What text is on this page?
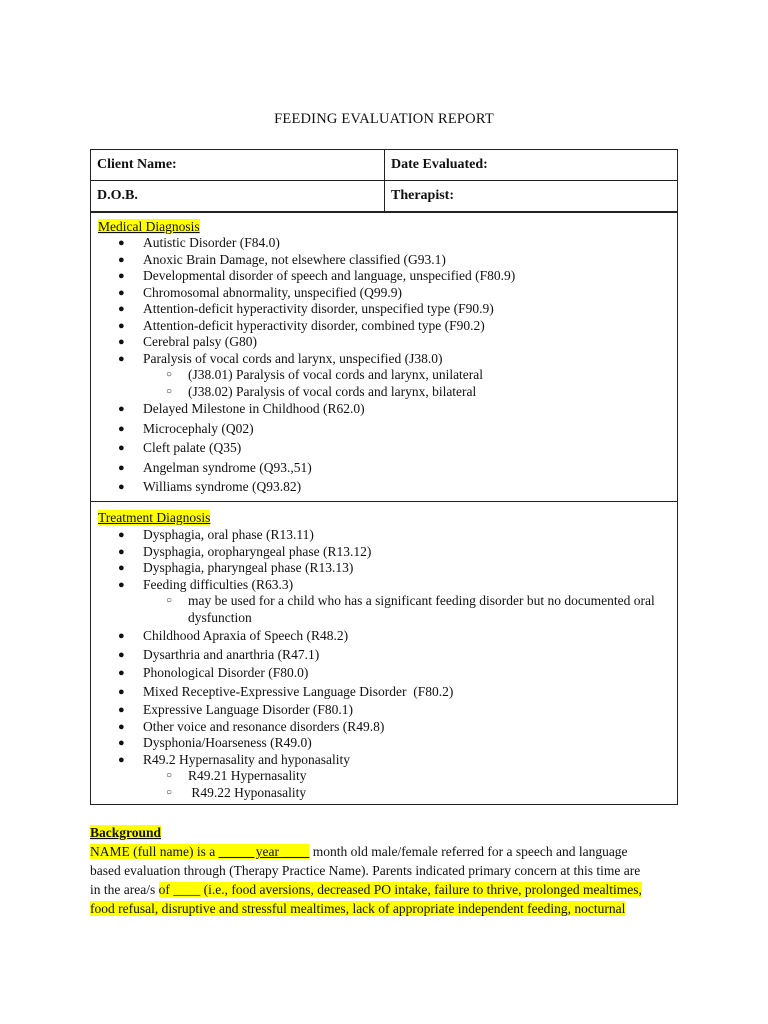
FEEDING EVALUATION REPORT
Client Name:	Date Evaluated:
D.O.B.	Therapist:
Medical Diagnosis
● Autistic Disorder (F84.0)
● Anoxic Brain Damage, not elsewhere classified (G93.1)
● Developmental disorder of speech and language, unspecified (F80.9)
● Chromosomal abnormality, unspecified (Q99.9)
● Attention-deficit hyperactivity disorder, unspecified type (F90.9)
● Attention-deficit hyperactivity disorder, combined type (F90.2)
● Cerebral palsy (G80)
● Paralysis of vocal cords and larynx, unspecified (J38.0)
○ (J38.01) Paralysis of vocal cords and larynx, unilateral
○ (J38.02) Paralysis of vocal cords and larynx, bilateral
● Delayed Milestone in Childhood (R62.0)
● Microcephaly (Q02)
● Cleft palate (Q35)
● Angelman syndrome (Q93.,51)
● Williams syndrome (Q93.82)
Treatment Diagnosis
● Dysphagia, oral phase (R13.11)
● Dysphagia, oropharyngeal phase (R13.12)
● Dysphagia, pharyngeal phase (R13.13)
● Feeding difficulties (R63.3)
○ may be used for a child who has a significant feeding disorder but no documented oral
dysfunction
● Childhood Apraxia of Speech (R48.2)
● Dysarthria and anarthria (R47.1)
● Phonological Disorder (F80.0)
● Mixed Receptive-Expressive Language Disorder  (F80.2)
● Expressive Language Disorder (F80.1)
● Other voice and resonance disorders (R49.8)
● Dysphonia/Hoarseness (R49.0)
● R49.2 Hypernasality and hyponasality
○ R49.21 Hypernasality
○ R49.22 Hyponasality

Background

NAME (full name) is a _____ year ____ month old male/female referred for a speech and language

based evaluation through (Therapy Practice Name). Parents indicated primary concern at this time are

in the area/s of ____ (i.e., food aversions, decreased PO intake, failure to thrive, prolonged mealtimes,

food refusal, disruptive and stressful mealtimes, lack of appropriate independent feeding, nocturnal
